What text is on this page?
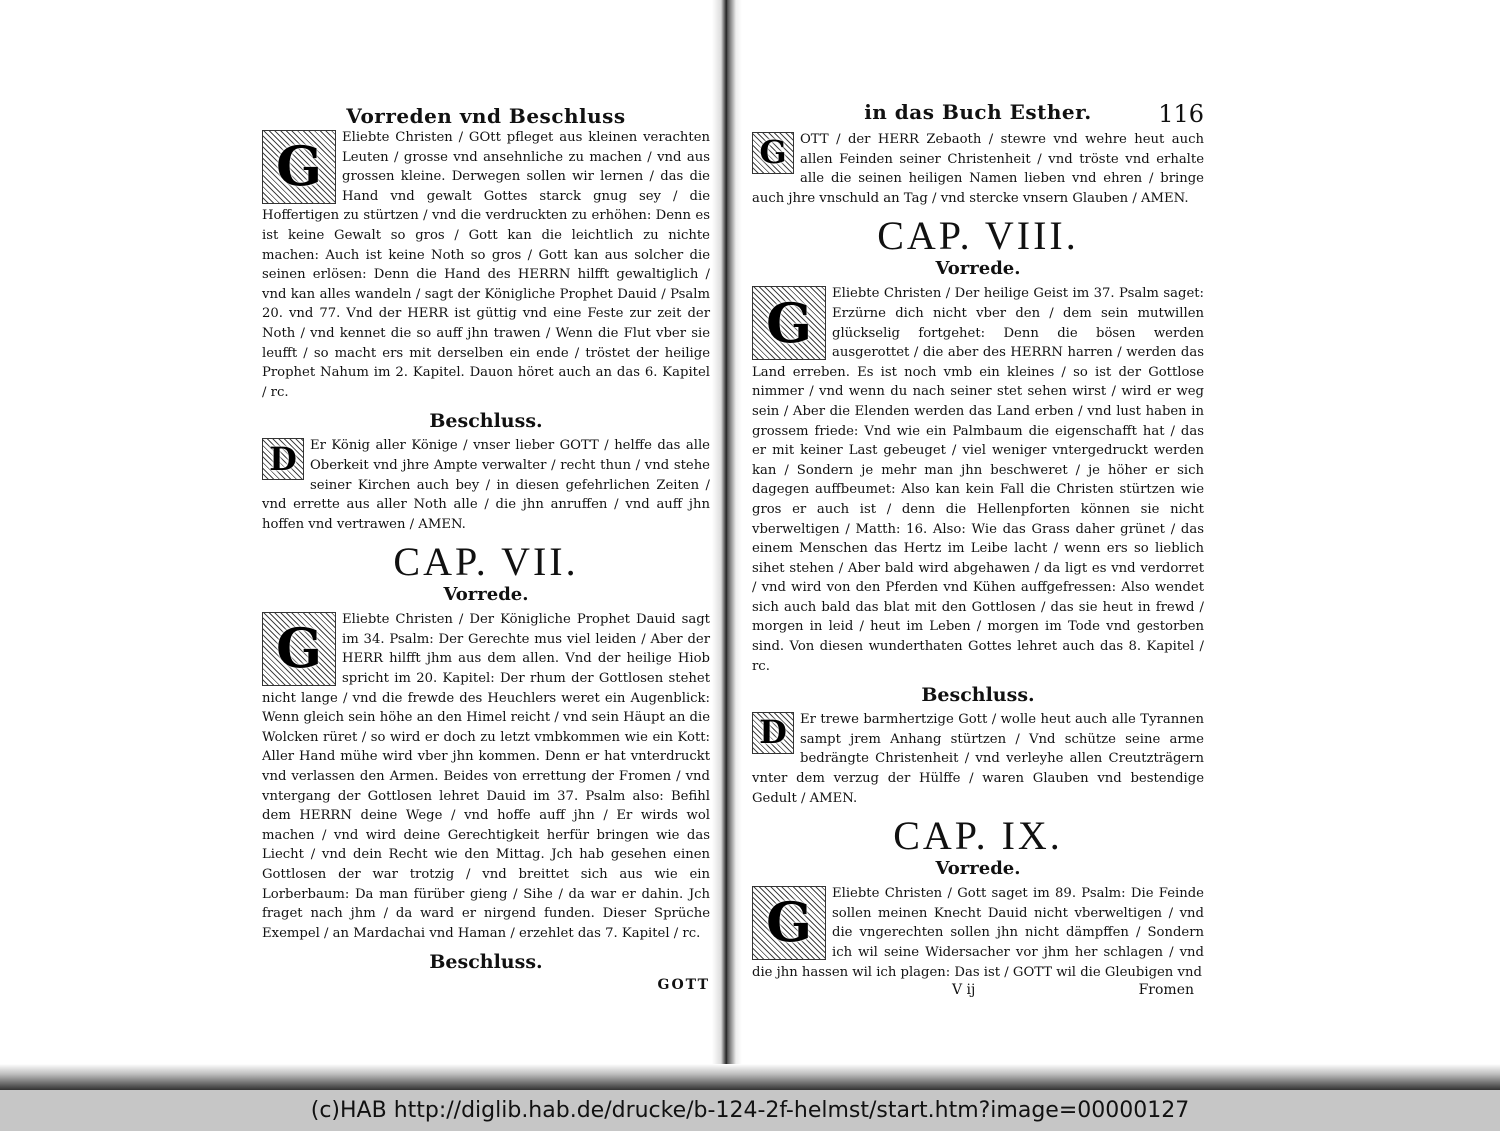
Vorreden vnd Beschluss

G	Eliebte Christen / GOtt pfleget aus kleinen verachten Leuten / grosse vnd ansehnliche zu machen / vnd aus grossen kleine. Derwegen sollen wir lernen / das die Hand vnd gewalt Gottes starck gnug sey / die Hoffertigen zu stürtzen / vnd die verdruckten zu erhöhen: Denn es ist keine Gewalt so gros / Gott kan die leichtlich zu nichte machen: Auch ist keine Noth so gros / Gott kan aus solcher die seinen erlösen: Denn die Hand des HERRN hilfft gewaltiglich / vnd kan alles wandeln / sagt der Königliche Prophet Dauid / Psalm 20. vnd 77. Vnd der HERR ist güttig vnd eine Feste zur zeit der Noth / vnd kennet die so auff jhn trawen / Wenn die Flut vber sie leufft / so macht ers mit derselben ein ende / tröstet der heilige Prophet Nahum im 2. Kapitel. Dauon höret auch an das 6. Kapitel / rc.

Beschluss.

D Er König aller Könige / vnser lieber GOTT / helffe das alle Oberkeit vnd jhre Ampte verwalter / recht thun / vnd stehe seiner Kirchen auch bey / in diesen gefehrlichen Zeiten / vnd errette aus aller Noth alle / die jhn anruffen / vnd auff jhn hoffen vnd vertrawen / AMEN.

CAP. VII.

Vorrede.

G	Eliebte Christen / Der Königliche Prophet Dauid sagt im 34. Psalm: Der Gerechte mus viel leiden / Aber der HERR hilfft jhm aus dem allen. Vnd der heilige Hiob spricht im 20. Kapitel: Der rhum der Gottlosen stehet nicht lange / vnd die frewde des Heuchlers weret ein Augenblick: Wenn gleich sein höhe an den Himel reicht / vnd sein Häupt an die Wolcken rüret / so wird er doch zu letzt vmbkommen wie ein Kott: Aller Hand mühe wird vber jhn kommen. Denn er hat vnterdruckt vnd verlassen den Armen. Beides von errettung der Fromen / vnd vntergang der Gottlosen lehret Dauid im 37. Psalm also: Befihl dem HERRN deine Wege / vnd hoffe auff jhn / Er wirds wol machen / vnd wird deine Gerechtigkeit herfür bringen wie das Liecht / vnd dein Recht wie den Mittag. Jch hab gesehen einen Gottlosen der war trotzig / vnd breittet sich aus wie ein Lorberbaum: Da man fürüber gieng / Sihe / da war er dahin. Jch fraget nach jhm / da ward er nirgend funden. Dieser Sprüche Exempel / an Mardachai vnd Haman / erzehlet das 7. Kapitel / rc.

Beschluss.

GOTT

in das Buch Esther.	116

G	OTT / der HERR Zebaoth / stewre vnd wehre heut auch allen Feinden seiner Christenheit / vnd tröste vnd erhalte alle die seinen heiligen Namen lieben vnd ehren / bringe auch jhre vnschuld an Tag / vnd stercke vnsern Glauben / AMEN.

CAP. VIII.

Vorrede.

G	Eliebte Christen / Der heilige Geist im 37. Psalm saget: Erzürne dich nicht vber den / dem sein mutwillen glückselig fortgehet: Denn die bösen werden ausgerottet / die aber des HERRN harren / werden das Land erreben. Es ist noch vmb ein kleines / so ist der Gottlose nimmer / vnd wenn du nach seiner stet sehen wirst / wird er weg sein / Aber die Elenden werden das Land erben / vnd lust haben in grossem friede: Vnd wie ein Palmbaum die eigenschafft hat / das er mit keiner Last gebeuget / viel weniger vntergedruckt werden kan / Sondern je mehr man jhn beschweret / je höher er sich dagegen auffbeumet: Also kan kein Fall die Christen stürtzen wie gros er auch ist / denn die Hellenpforten können sie nicht vberweltigen / Matth: 16. Also: Wie das Grass daher grünet / das einem Menschen das Hertz im Leibe lacht / wenn ers so lieblich sihet stehen / Aber bald wird abgehawen / da ligt es vnd verdorret / vnd wird von den Pferden vnd Kühen auffgefressen: Also wendet sich auch bald das blat mit den Gottlosen / das sie heut in frewd / morgen in leid / heut im Leben / morgen im Tode vnd gestorben sind. Von diesen wunderthaten Gottes lehret auch das 8. Kapitel / rc.

Beschluss.

D Er trewe barmhertzige Gott / wolle heut auch alle Tyrannen sampt jrem Anhang stürtzen / Vnd schütze seine arme bedrängte Christenheit / vnd verleyhe allen Creutzträgern vnter dem verzug der Hülffe / waren Glauben vnd bestendige Gedult / AMEN.

CAP. IX.

Vorrede.

G	Eliebte Christen / Gott saget im 89. Psalm: Die Feinde sollen meinen Knecht Dauid nicht vberweltigen / vnd die vngerechten sollen jhn nicht dämpffen / Sondern ich wil seine Widersacher vor jhm her schlagen / vnd die jhn hassen wil ich plagen: Das ist / GOTT wil die Gleubigen vnd

V ij	Fromen
(c)HAB http://diglib.hab.de/drucke/b-124-2f-helmst/start.htm?image=00000127
